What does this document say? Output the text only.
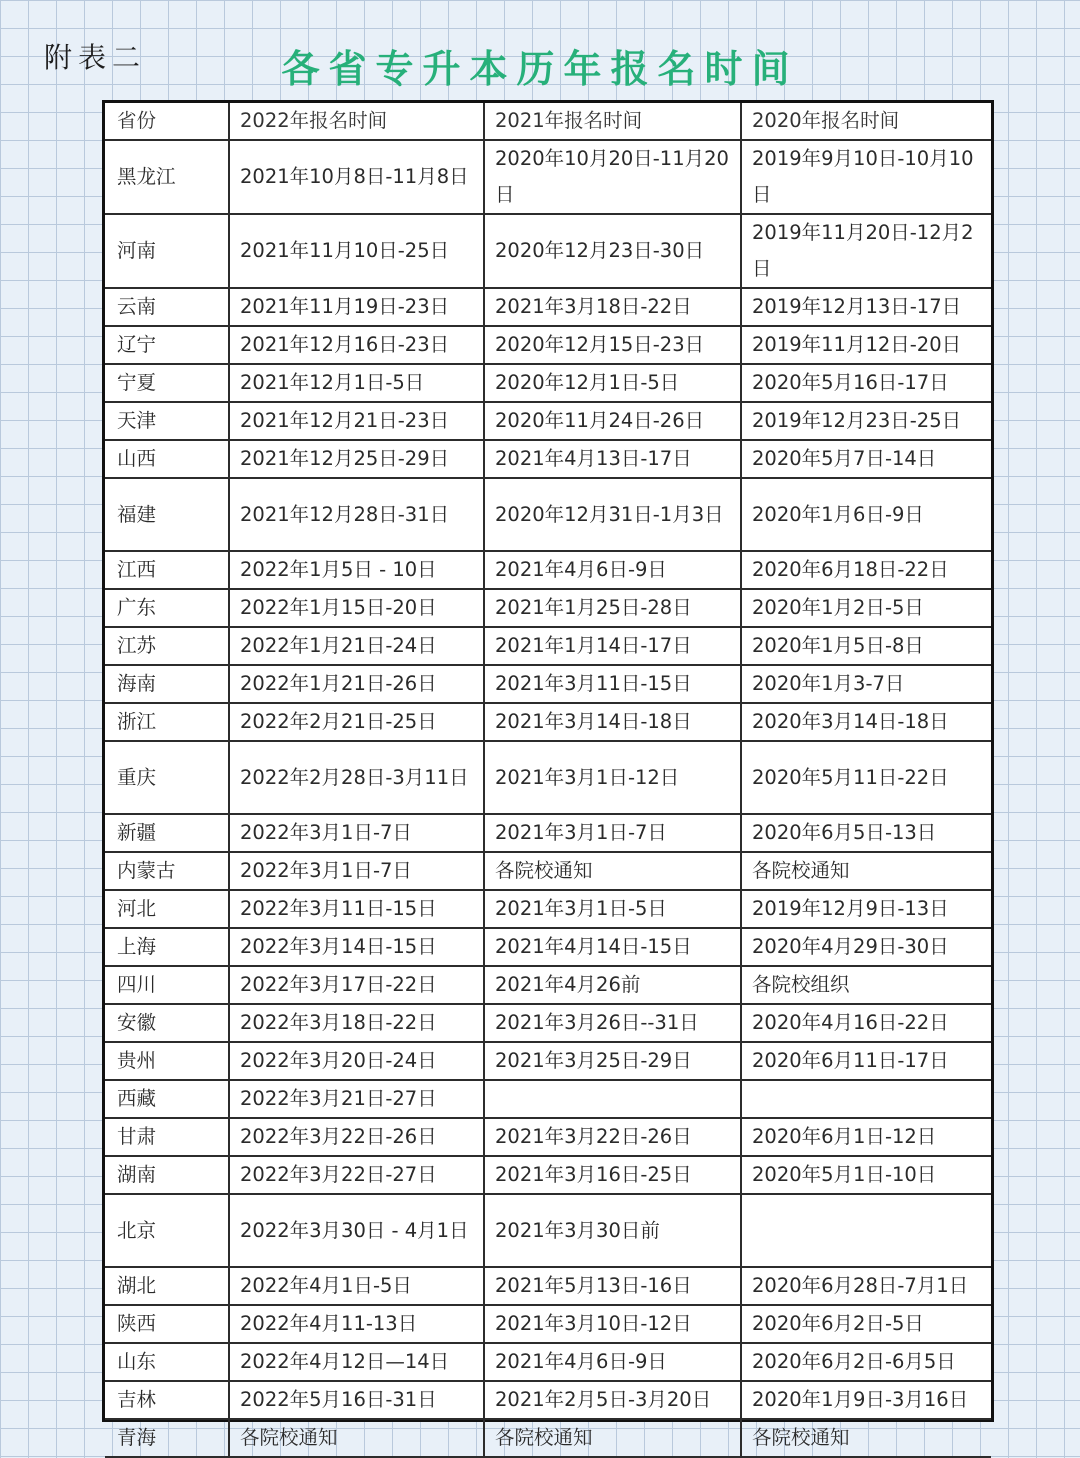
附表二	各省专升本历年报名时间
省份	2022年报名时间	2021年报名时间	2020年报名时间
黑龙江	2021年10月8日-11月8日	2020年10月20日-11月20日	2019年9月10日-10月10日
河南	2021年11月10日-25日	2020年12月23日-30日	2019年11月20日-12月2日
云南	2021年11月19日-23日	2021年3月18日-22日	2019年12月13日-17日
辽宁	2021年12月16日-23日	2020年12月15日-23日	2019年11月12日-20日
宁夏	2021年12月1日-5日	2020年12月1日-5日	2020年5月16日-17日
天津	2021年12月21日-23日	2020年11月24日-26日	2019年12月23日-25日
山西	2021年12月25日-29日	2021年4月13日-17日	2020年5月7日-14日
福建	2021年12月28日-31日	2020年12月31日-1月3日	2020年1月6日-9日
江西	2022年1月5日 - 10日	2021年4月6日-9日	2020年6月18日-22日
广东	2022年1月15日-20日	2021年1月25日-28日	2020年1月2日-5日
江苏	2022年1月21日-24日	2021年1月14日-17日	2020年1月5日-8日
海南	2022年1月21日-26日	2021年3月11日-15日	2020年1月3-7日
浙江	2022年2月21日-25日	2021年3月14日-18日	2020年3月14日-18日
重庆	2022年2月28日-3月11日	2021年3月1日-12日	2020年5月11日-22日
新疆	2022年3月1日-7日	2021年3月1日-7日	2020年6月5日-13日
内蒙古	2022年3月1日-7日	各院校通知	各院校通知
河北	2022年3月11日-15日	2021年3月1日-5日	2019年12月9日-13日
上海	2022年3月14日-15日	2021年4月14日-15日	2020年4月29日-30日
四川	2022年3月17日-22日	2021年4月26前	各院校组织
安徽	2022年3月18日-22日	2021年3月26日--31日	2020年4月16日-22日
贵州	2022年3月20日-24日	2021年3月25日-29日	2020年6月11日-17日
西藏	2022年3月21日-27日		
甘肃	2022年3月22日-26日	2021年3月22日-26日	2020年6月1日-12日
湖南	2022年3月22日-27日	2021年3月16日-25日	2020年5月1日-10日
北京	2022年3月30日 - 4月1日	2021年3月30日前	
湖北	2022年4月1日-5日	2021年5月13日-16日	2020年6月28日-7月1日
陕西	2022年4月11-13日	2021年3月10日-12日	2020年6月2日-5日
山东	2022年4月12日—14日	2021年4月6日-9日	2020年6月2日-6月5日
吉林	2022年5月16日-31日	2021年2月5日-3月20日	2020年1月9日-3月16日
青海	各院校通知	各院校通知	各院校通知
